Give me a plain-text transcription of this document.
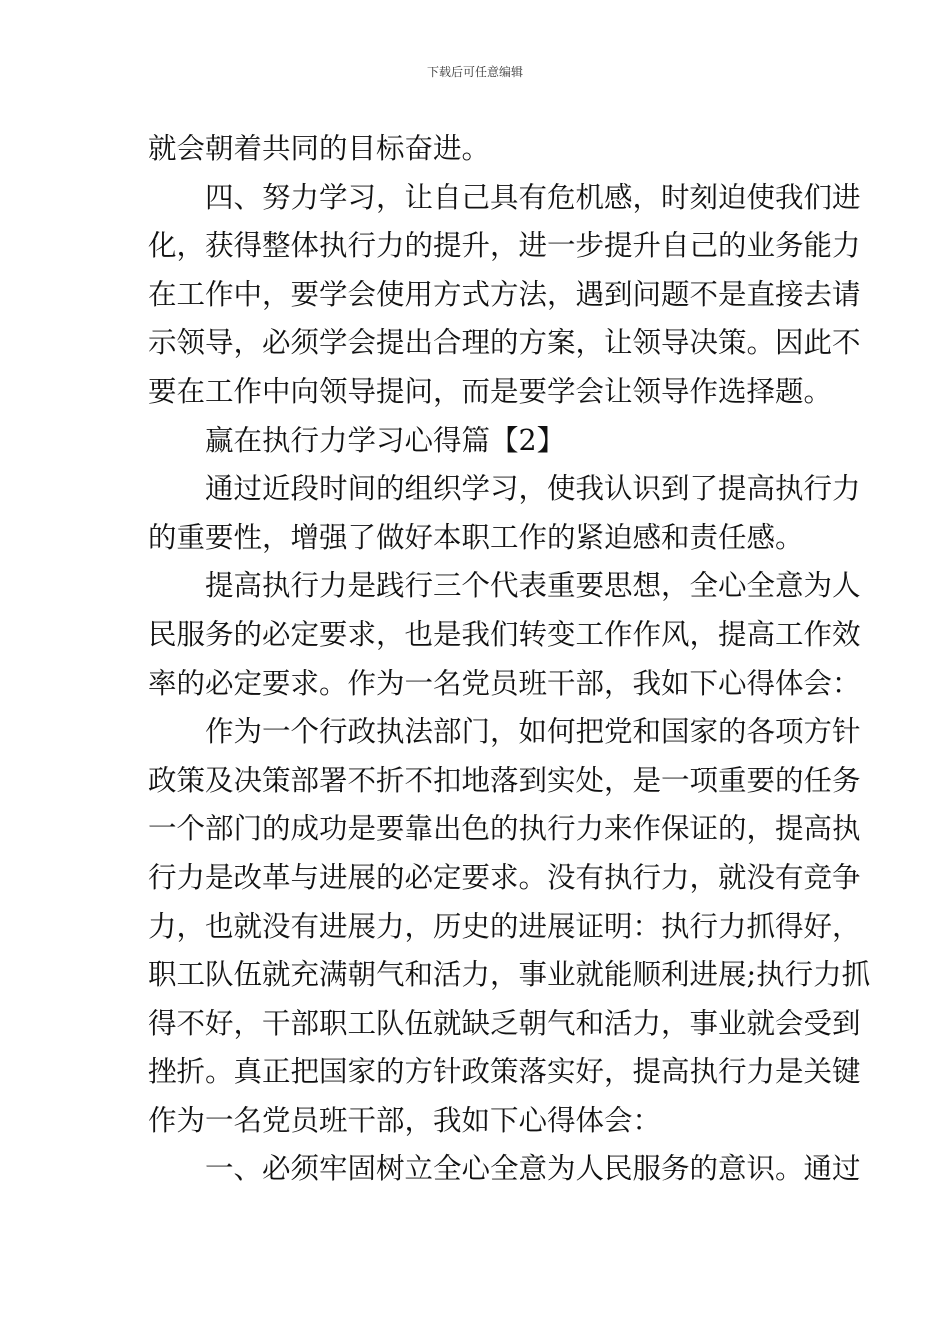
下载后可任意编辑
就会朝着共同的目标奋进。
四、努力学习，让自己具有危机感，时刻迫使我们进
化，获得整体执行力的提升，进一步提升自己的业务能力
在工作中，要学会使用方式方法，遇到问题不是直接去请
示领导，必须学会提出合理的方案，让领导决策。因此不
要在工作中向领导提问，而是要学会让领导作选择题。
赢在执行力学习心得篇【2】
通过近段时间的组织学习，使我认识到了提高执行力
的重要性，增强了做好本职工作的紧迫感和责任感。
提高执行力是践行三个代表重要思想，全心全意为人
民服务的必定要求，也是我们转变工作作风，提高工作效
率的必定要求。作为一名党员班干部，我如下心得体会：
作为一个行政执法部门，如何把党和国家的各项方针
政策及决策部署不折不扣地落到实处，是一项重要的任务
一个部门的成功是要靠出色的执行力来作保证的，提高执
行力是改革与进展的必定要求。没有执行力，就没有竞争
力，也就没有进展力，历史的进展证明：执行力抓得好，
职工队伍就充满朝气和活力，事业就能顺利进展;执行力抓
得不好，干部职工队伍就缺乏朝气和活力，事业就会受到
挫折。真正把国家的方针政策落实好，提高执行力是关键
作为一名党员班干部，我如下心得体会：
一、必须牢固树立全心全意为人民服务的意识。通过
